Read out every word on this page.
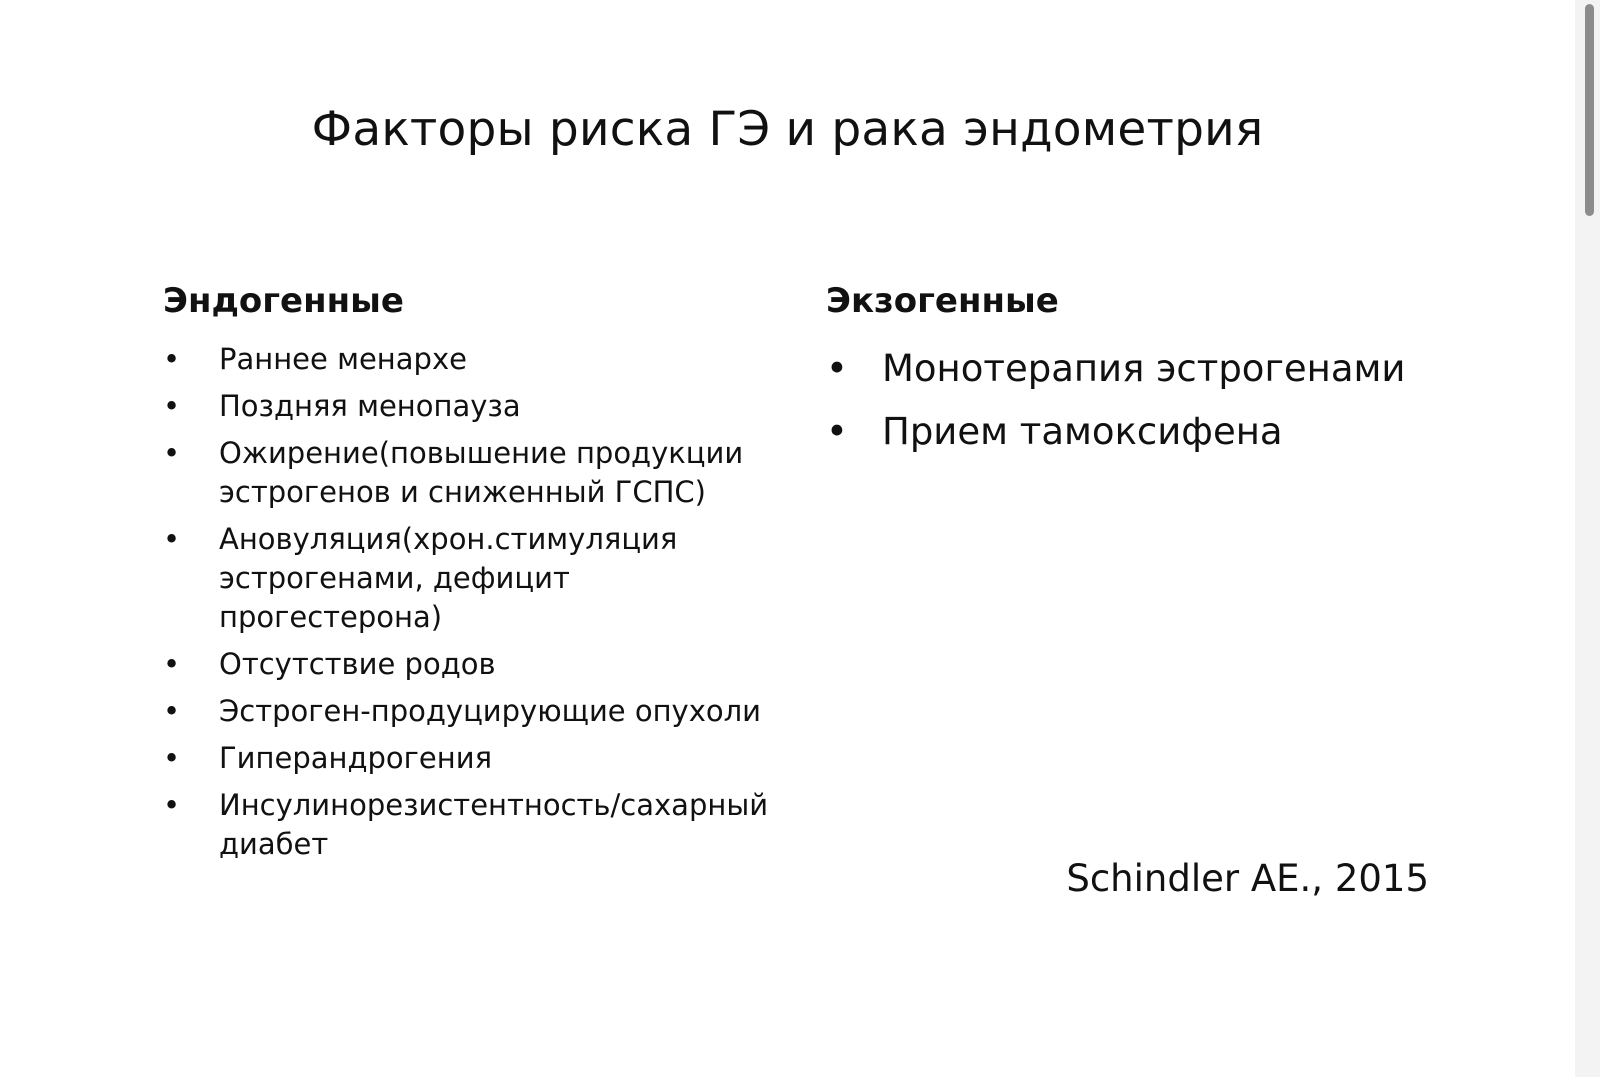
Факторы риска ГЭ и рака эндометрия
Эндогенные
• Раннее менархе
• Поздняя менопауза
• Ожирение(повышение продукции эстрогенов и сниженный ГСПС)
• Ановуляция(хрон.стимуляция эстрогенами, дефицит прогестерона)
• Отсутствие родов
• Эстроген-продуцирующие опухоли
• Гиперандрогения
• Инсулинорезистентность/сахарный диабет
Экзогенные
• Монотерапия эстрогенами
• Прием тамоксифена
Schindler AE., 2015
